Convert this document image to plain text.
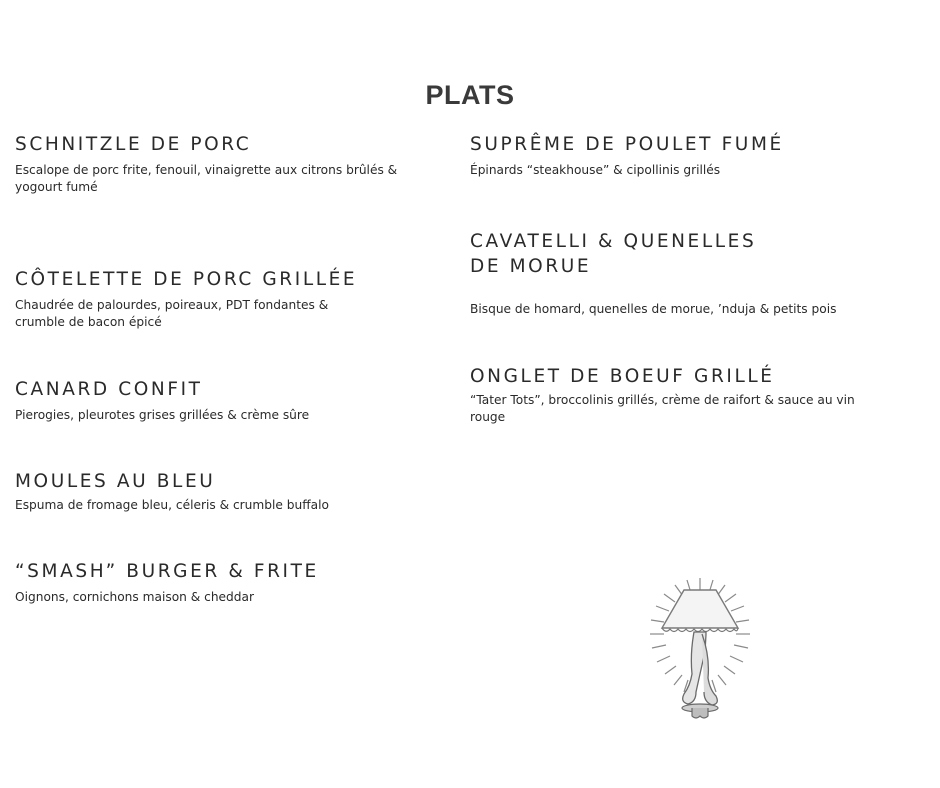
PLATS
SCHNITZLE DE PORC
Escalope de porc frite, fenouil, vinaigrette aux citrons brûlés &
yogourt fumé
CÔTELETTE DE PORC GRILLÉE
Chaudrée de palourdes, poireaux, PDT fondantes &
crumble de bacon épicé
CANARD CONFIT
Pierogies, pleurotes grises grillées & crème sûre
MOULES AU BLEU
Espuma de fromage bleu, céleris & crumble buffalo
“SMASH” BURGER & FRITE
Oignons, cornichons maison & cheddar
SUPRÊME DE POULET FUMÉ
Épinards “steakhouse” & cipollinis grillés
CAVATELLI & QUENELLES
DE MORUE
Bisque de homard, quenelles de morue, ’nduja & petits pois
ONGLET DE BOEUF GRILLÉ
“Tater Tots”, broccolinis grillés, crème de raifort & sauce au vin rouge
